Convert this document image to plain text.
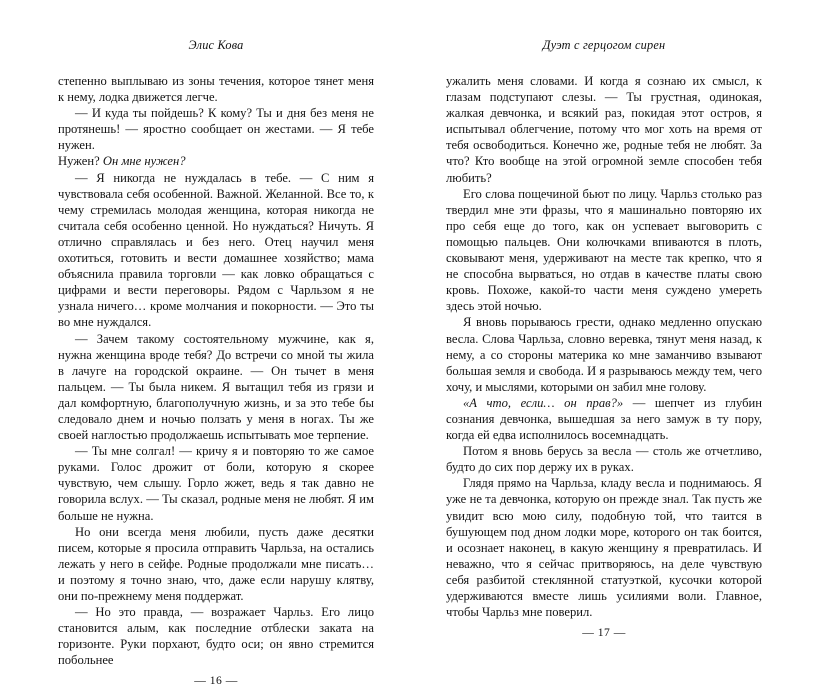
Элис Кова

степенно выплываю из зоны течения, которое тянет меня к нему, лодка движется легче.

— И куда ты пойдешь? К кому? Ты и дня без меня не протянешь! — яростно сообщает он жестами. — Я тебе нужен.

Нужен? Он мне нужен?

— Я никогда не нуждалась в тебе. — С ним я чувствовала себя особенной. Важной. Желанной. Все то, к чему стремилась молодая женщина, которая никогда не считала себя особенно ценной. Но нуждаться? Ничуть. Я отлично справлялась и без него. Отец научил меня охотиться, готовить и вести домашнее хозяйство; мама объяснила правила торговли — как ловко обращаться с цифрами и вести переговоры. Рядом с Чарльзом я не узнала ничего… кроме молчания и покорности. — Это ты во мне нуждался.

— Зачем такому состоятельному мужчине, как я, нужна женщина вроде тебя? До встречи со мной ты жила в лачуге на городской окраине. — Он тычет в меня пальцем. — Ты была никем. Я вытащил тебя из грязи и дал комфортную, благополучную жизнь, и за это тебе бы следовало днем и ночью ползать у меня в ногах. Ты же своей наглостью продолжаешь испытывать мое терпение.

— Ты мне солгал! — кричу я и повторяю то же самое руками. Голос дрожит от боли, которую я скорее чувствую, чем слышу. Горло жжет, ведь я так давно не говорила вслух. — Ты сказал, родные меня не любят. Я им больше не нужна.

Но они всегда меня любили, пусть даже десятки писем, которые я просила отправить Чарльза, на остались лежать у него в сейфе. Родные продолжали мне писать… и поэтому я точно знаю, что, даже если нарушу клятву, они по-прежнему меня поддержат.

— Но это правда, — возражает Чарльз. Его лицо становится алым, как последние отблески заката на горизонте. Руки порхают, будто оси; он явно стремится побольнее

— 16 —
Дуэт с герцогом сирен

ужалить меня словами. И когда я сознаю их смысл, к глазам подступают слезы. — Ты грустная, одинокая, жалкая девчонка, и всякий раз, покидая этот остров, я испытывал облегчение, потому что мог хоть на время от тебя освободиться. Конечно же, родные тебя не любят. За что? Кто вообще на этой огромной земле способен тебя любить?

Его слова пощечиной бьют по лицу. Чарльз столько раз твердил мне эти фразы, что я машинально повторяю их про себя еще до того, как он успевает выговорить с помощью пальцев. Они колючками впиваются в плоть, сковывают меня, удерживают на месте так крепко, что я не способна вырваться, но отдав в качестве платы свою кровь. Похоже, какой-то части меня суждено умереть здесь этой ночью.

Я вновь порываюсь грести, однако медленно опускаю весла. Слова Чарльза, словно веревка, тянут меня назад, к нему, а со стороны материка ко мне заманчиво взывают большая земля и свобода. И я разрываюсь между тем, чего хочу, и мыслями, которыми он забил мне голову.

«А что, если… он прав?» — шепчет из глубин сознания девчонка, вышедшая за него замуж в ту пору, когда ей едва исполнилось восемнадцать.

Потом я вновь берусь за весла — столь же отчетливо, будто до сих пор держу их в руках.

Глядя прямо на Чарльза, кладу весла и поднимаюсь. Я уже не та девчонка, которую он прежде знал. Так пусть же увидит всю мою силу, подобную той, что таится в бушующем под дном лодки море, которого он так боится, и осознает наконец, в какую женщину я превратилась. И неважно, что я сейчас притворяюсь, на деле чувствую себя разбитой стеклянной статуэткой, кусочки которой удерживаются вместе лишь усилиями воли. Главное, чтобы Чарльз мне поверил.

— 17 —
